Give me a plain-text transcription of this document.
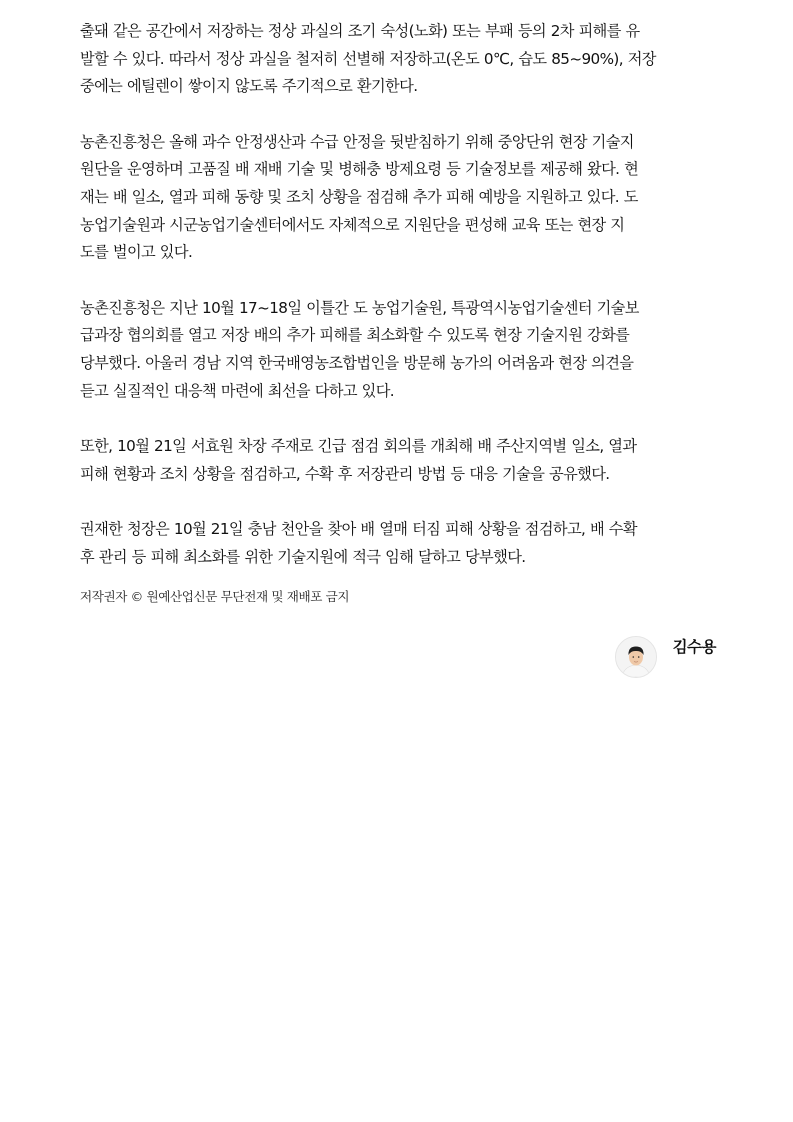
출돼 같은 공간에서 저장하는 정상 과실의 조기 숙성(노화) 또는 부패 등의 2차 피해를 유
발할 수 있다. 따라서 정상 과실을 철저히 선별해 저장하고(온도 0℃, 습도 85~90%), 저장
중에는 에틸렌이 쌓이지 않도록 주기적으로 환기한다.

농촌진흥청은 올해 과수 안정생산과 수급 안정을 뒷받침하기 위해 중앙단위 현장 기술지
원단을 운영하며 고품질 배 재배 기술 및 병해충 방제요령 등 기술정보를 제공해 왔다. 현
재는 배 일소, 열과 피해 동향 및 조치 상황을 점검해 추가 피해 예방을 지원하고 있다. 도
농업기술원과 시군농업기술센터에서도 자체적으로 지원단을 편성해 교육 또는 현장 지
도를 벌이고 있다.

농촌진흥청은 지난 10월 17~18일 이틀간 도 농업기술원, 특광역시농업기술센터 기술보
급과장 협의회를 열고 저장 배의 추가 피해를 최소화할 수 있도록 현장 기술지원 강화를
당부했다. 아울러 경남 지역 한국배영농조합법인을 방문해 농가의 어려움과 현장 의견을
듣고 실질적인 대응책 마련에 최선을 다하고 있다.

또한, 10월 21일 서효원 차장 주재로 긴급 점검 회의를 개최해 배 주산지역별 일소, 열과
피해 현황과 조치 상황을 점검하고, 수확 후 저장관리 방법 등 대응 기술을 공유했다.

권재한 청장은 10월 21일 충남 천안을 찾아 배 열매 터짐 피해 상황을 점검하고, 배 수확
후 관리 등 피해 최소화를 위한 기술지원에 적극 임해 달하고 당부했다.

저작권자 © 원예산업신문 무단전재 및 재배포 금지

김수용
